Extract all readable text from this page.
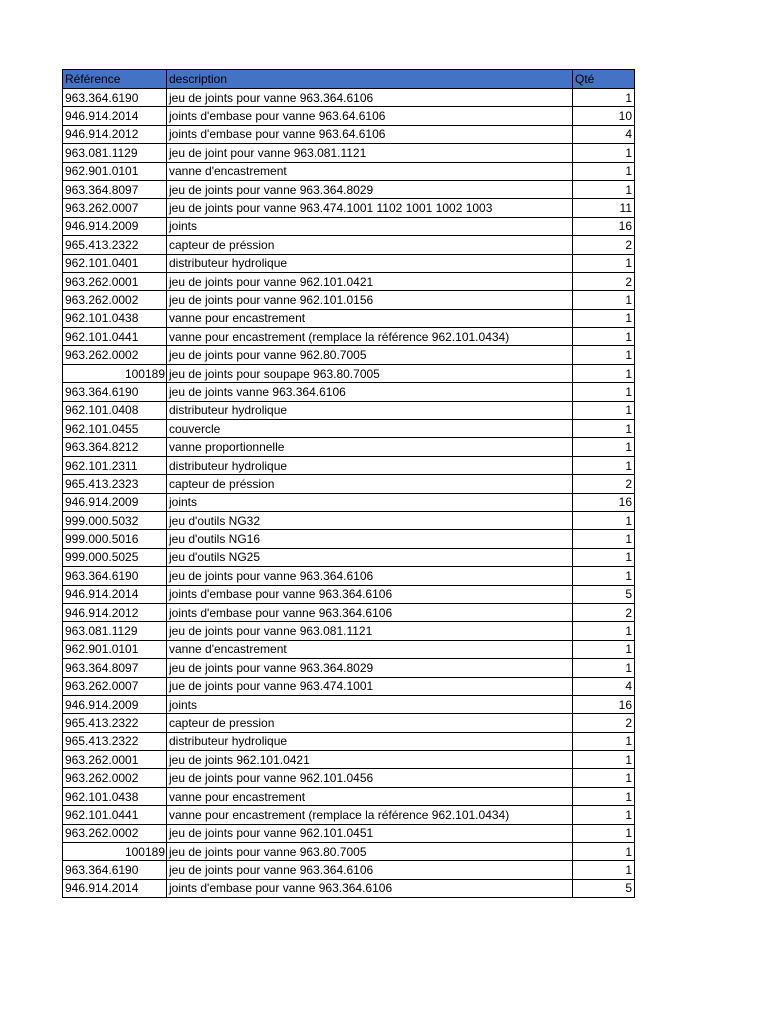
Référence	description	Qté
963.364.6190	jeu de joints pour vanne 963.364.6106	1
946.914.2014	joints d'embase pour vanne 963.64.6106	10
946.914.2012	joints d'embase pour vanne 963.64.6106	4
963.081.1129	jeu de joint pour vanne 963.081.1121	1
962.901.0101	vanne d'encastrement	1
963.364.8097	jeu de joints pour vanne 963.364.8029	1
963.262.0007	jeu de joints pour vanne 963.474.1001 1102 1001 1002 1003	11
946.914.2009	joints	16
965.413.2322	capteur de préssion	2
962.101.0401	distributeur hydrolique	1
963.262.0001	jeu de joints pour vanne 962.101.0421	2
963.262.0002	jeu de joints pour vanne 962.101.0156	1
962.101.0438	vanne pour encastrement	1
962.101.0441	vanne pour encastrement (remplace la référence 962.101.0434)	1
963.262.0002	jeu de joints pour vanne 962.80.7005	1
100189	jeu de joints pour soupape 963.80.7005	1
963.364.6190	jeu de joints vanne 963.364.6106	1
962.101.0408	distributeur hydrolique	1
962.101.0455	couvercle	1
963.364.8212	vanne proportionnelle	1
962.101.2311	distributeur hydrolique	1
965.413.2323	capteur de préssion	2
946.914.2009	joints	16
999.000.5032	jeu d'outils NG32	1
999.000.5016	jeu d'outils NG16	1
999.000.5025	jeu d'outils NG25	1
963.364.6190	jeu de joints pour vanne 963.364.6106	1
946.914.2014	joints d'embase pour vanne 963.364.6106	5
946.914.2012	joints d'embase pour vanne 963.364.6106	2
963.081.1129	jeu de joints pour vanne 963.081.1121	1
962.901.0101	vanne d'encastrement	1
963.364.8097	jeu de joints pour vanne 963.364.8029	1
963.262.0007	jue de joints pour vanne 963.474.1001	4
946.914.2009	joints	16
965.413.2322	capteur de pression	2
965.413.2322	distributeur hydrolique	1
963.262.0001	jeu de joints 962.101.0421	1
963.262.0002	jeu de joints pour vanne 962.101.0456	1
962.101.0438	vanne pour encastrement	1
962.101.0441	vanne pour encastrement (remplace la référence 962.101.0434)	1
963.262.0002	jeu de joints pour vanne 962.101.0451	1
100189	jeu de joints pour vanne 963.80.7005	1
963.364.6190	jeu de joints pour vanne 963.364.6106	1
946.914.2014	joints d'embase pour vanne 963.364.6106	5
